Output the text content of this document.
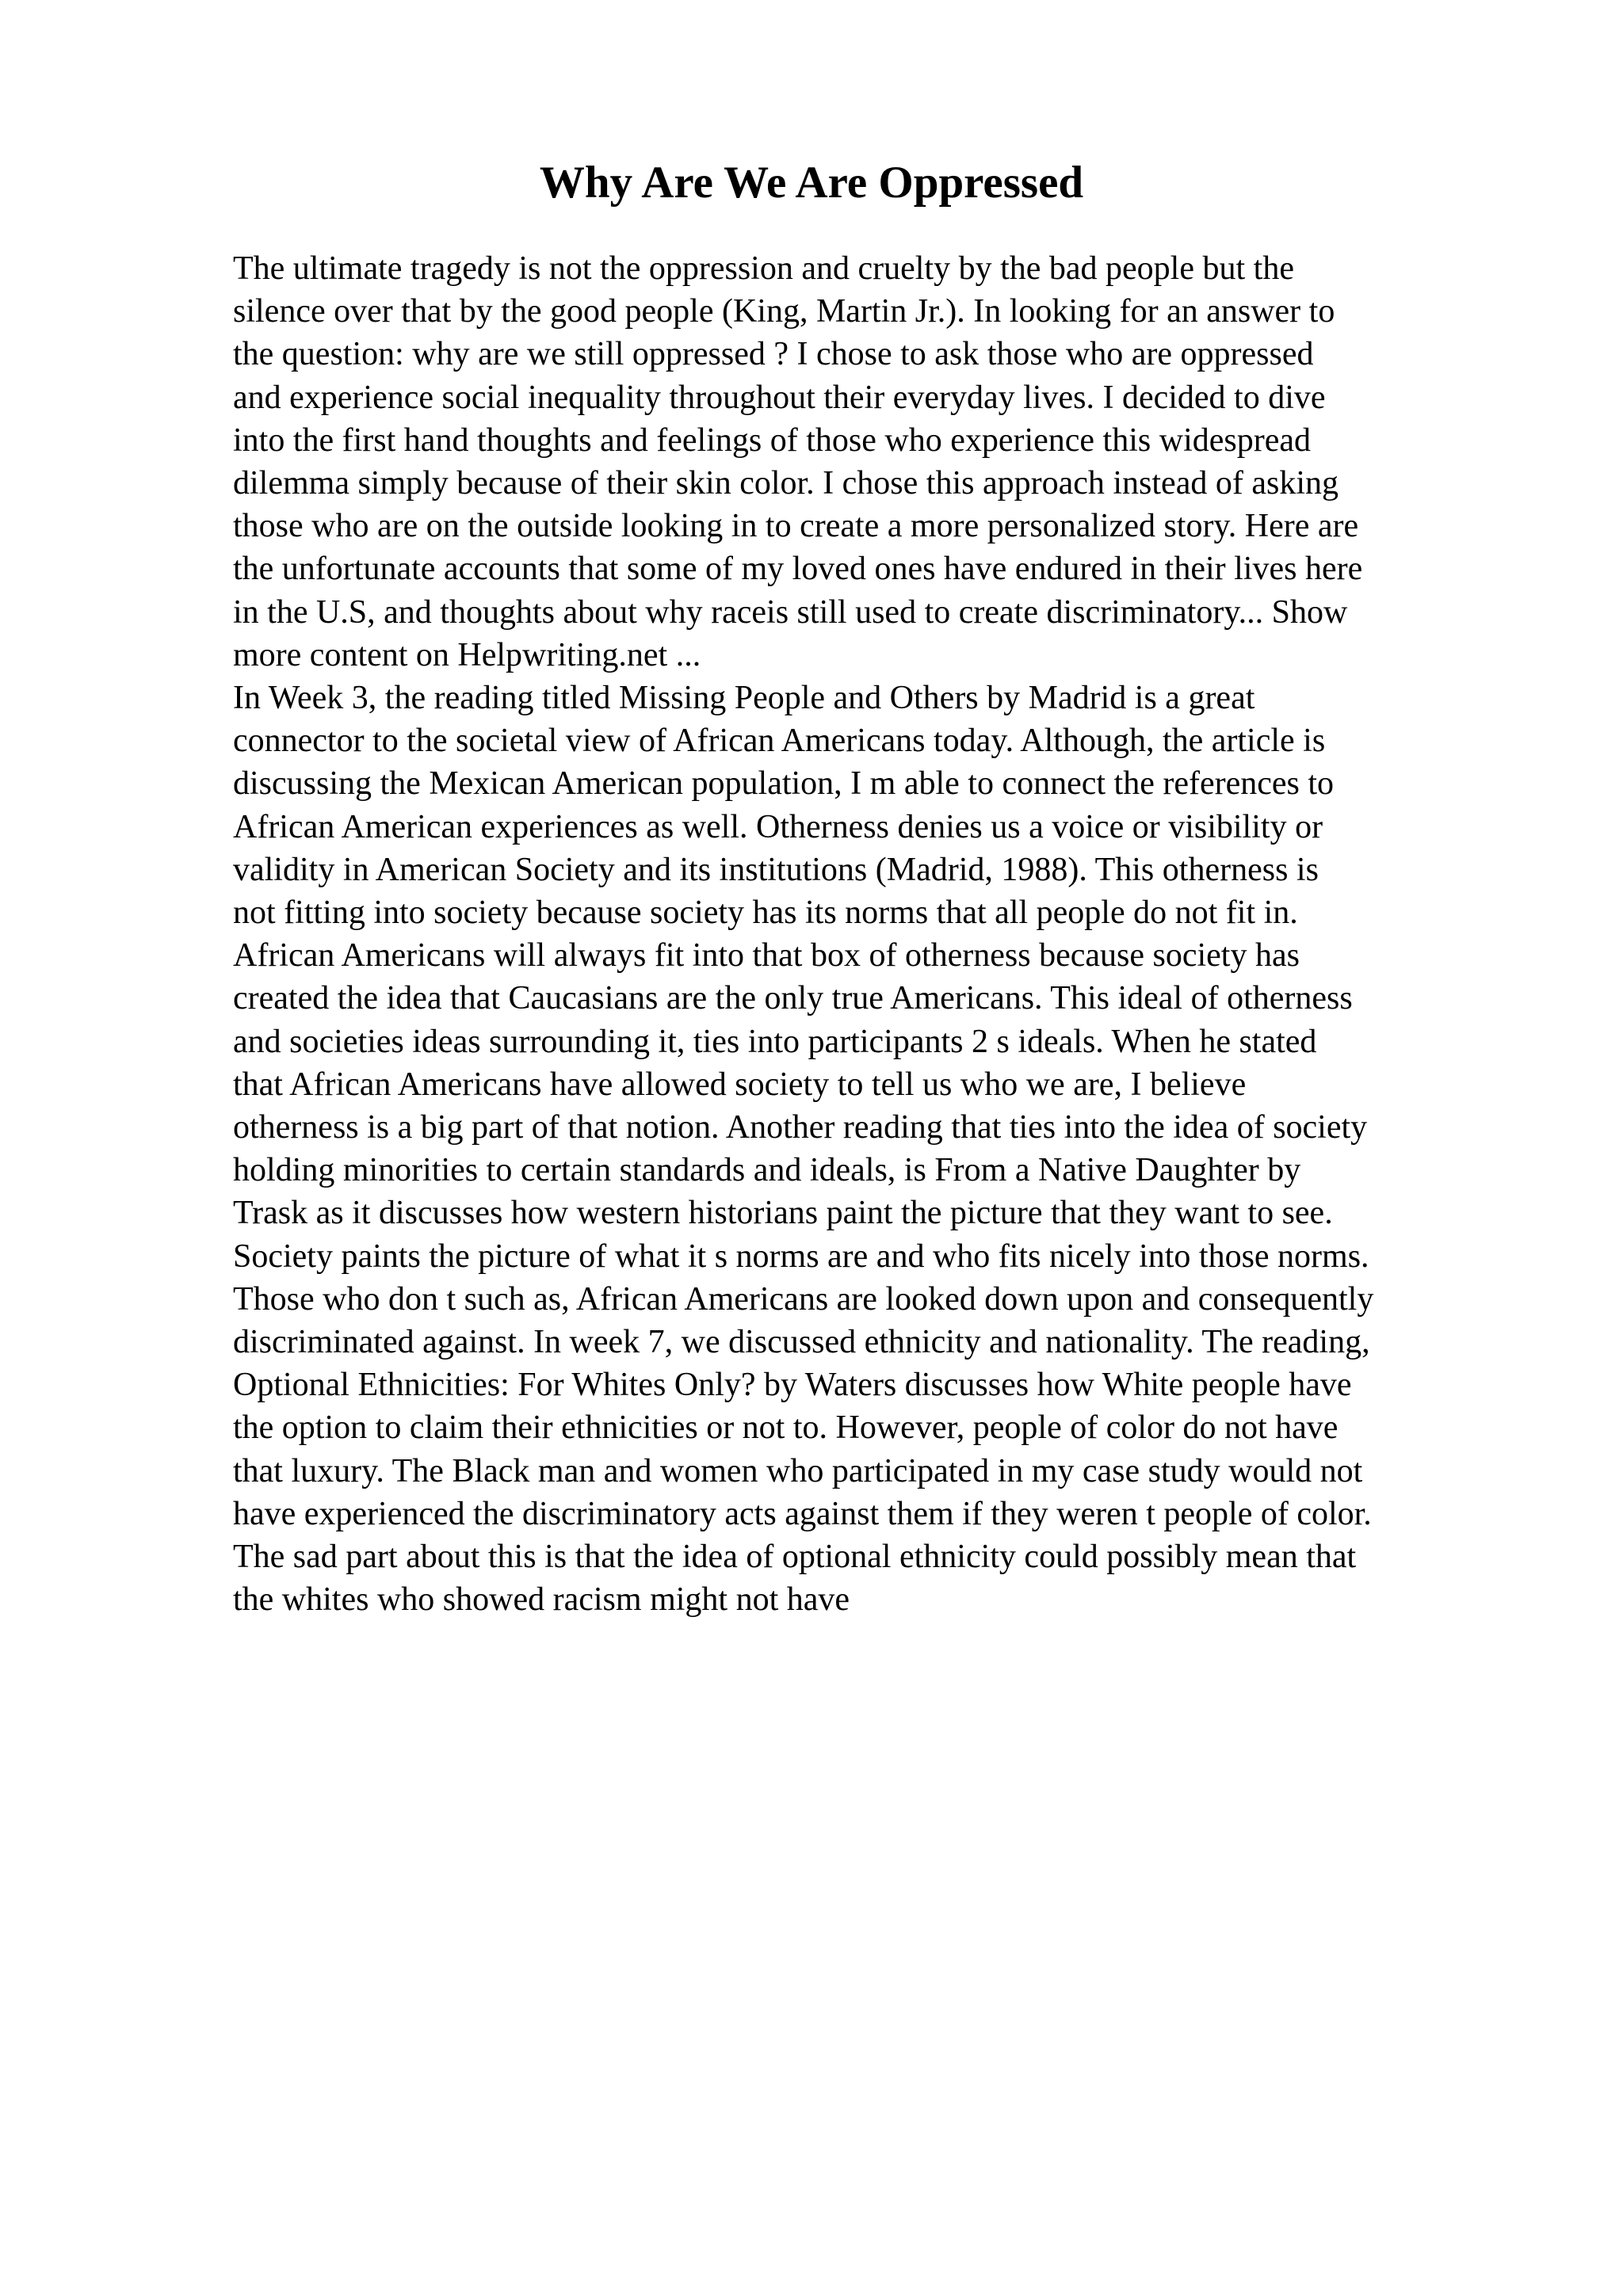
Why Are We Are Oppressed
The ultimate tragedy is not the oppression and cruelty by the bad people but the
silence over that by the good people (King, Martin Jr.). In looking for an answer to
the question: why are we still oppressed ? I chose to ask those who are oppressed
and experience social inequality throughout their everyday lives. I decided to dive
into the first hand thoughts and feelings of those who experience this widespread
dilemma simply because of their skin color. I chose this approach instead of asking
those who are on the outside looking in to create a more personalized story. Here are
the unfortunate accounts that some of my loved ones have endured in their lives here
in the U.S, and thoughts about why raceis still used to create discriminatory... Show
more content on Helpwriting.net ...
In Week 3, the reading titled Missing People and Others by Madrid is a great
connector to the societal view of African Americans today. Although, the article is
discussing the Mexican American population, I m able to connect the references to
African American experiences as well. Otherness denies us a voice or visibility or
validity in American Society and its institutions (Madrid, 1988). This otherness is
not fitting into society because society has its norms that all people do not fit in.
African Americans will always fit into that box of otherness because society has
created the idea that Caucasians are the only true Americans. This ideal of otherness
and societies ideas surrounding it, ties into participants 2 s ideals. When he stated
that African Americans have allowed society to tell us who we are, I believe
otherness is a big part of that notion. Another reading that ties into the idea of society
holding minorities to certain standards and ideals, is From a Native Daughter by
Trask as it discusses how western historians paint the picture that they want to see.
Society paints the picture of what it s norms are and who fits nicely into those norms.
Those who don t such as, African Americans are looked down upon and consequently
discriminated against. In week 7, we discussed ethnicity and nationality. The reading,
Optional Ethnicities: For Whites Only? by Waters discusses how White people have
the option to claim their ethnicities or not to. However, people of color do not have
that luxury. The Black man and women who participated in my case study would not
have experienced the discriminatory acts against them if they weren t people of color.
The sad part about this is that the idea of optional ethnicity could possibly mean that
the whites who showed racism might not have
